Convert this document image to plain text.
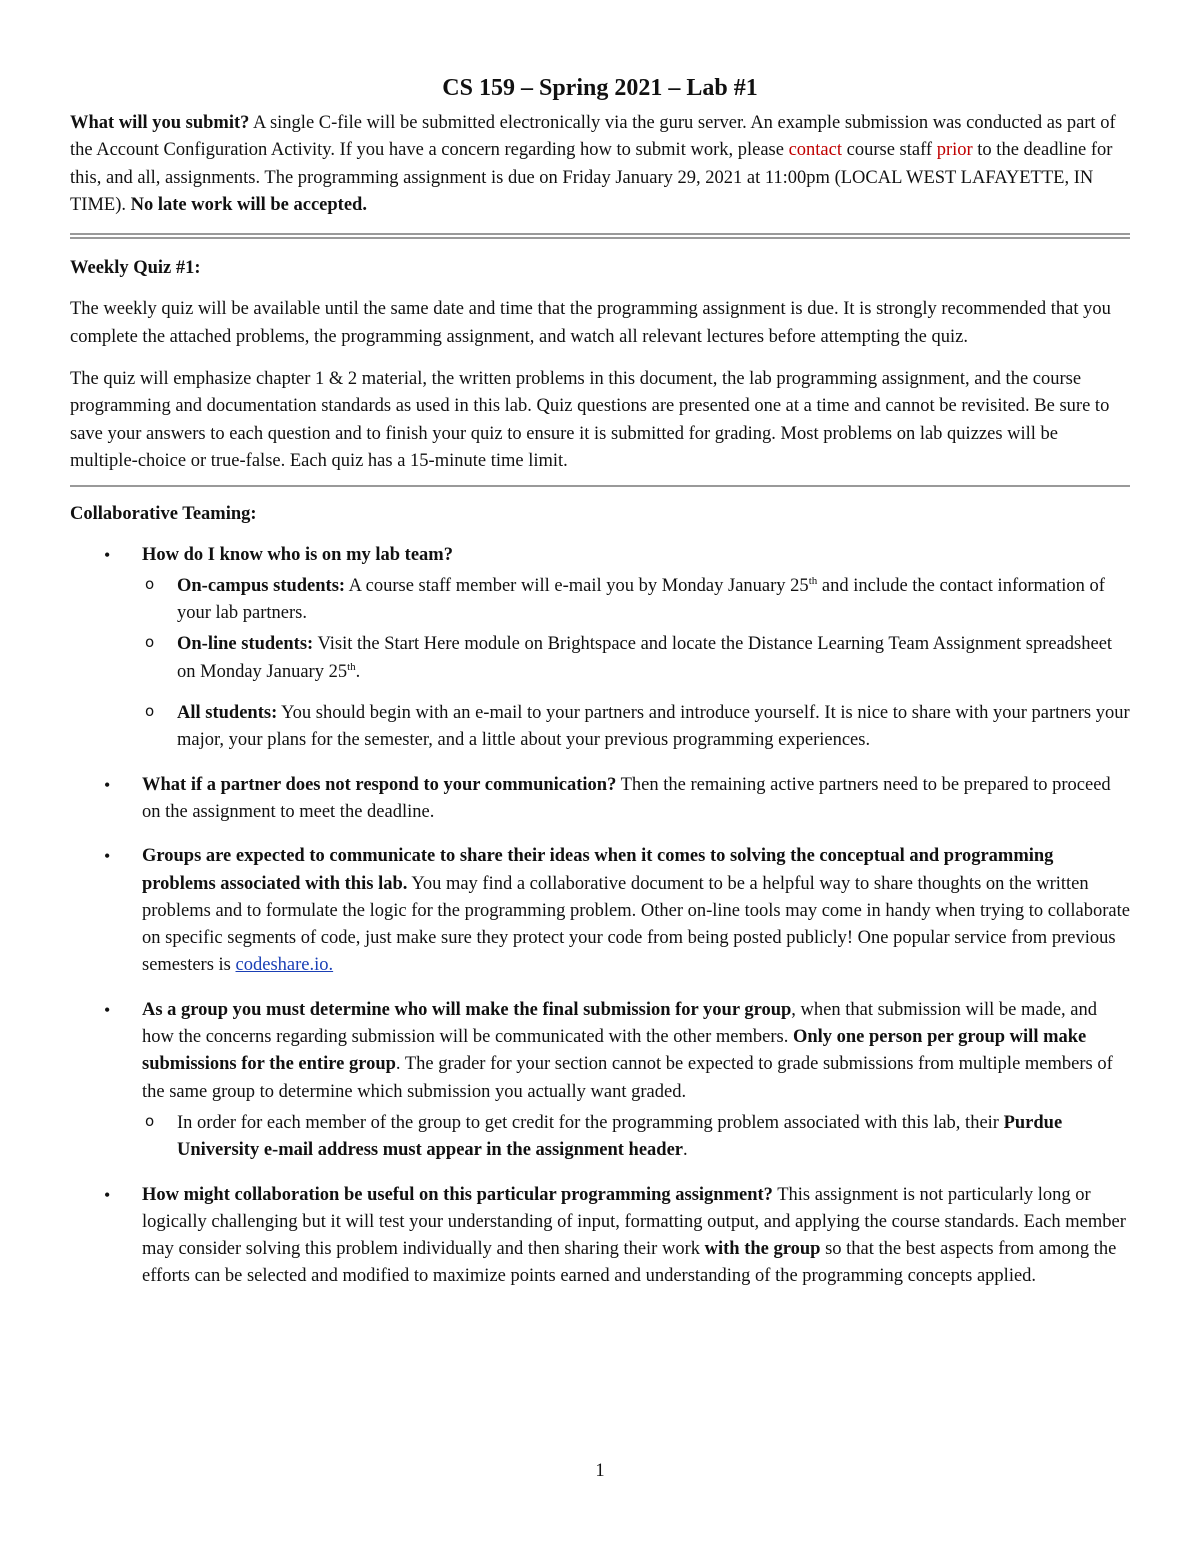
CS 159 – Spring 2021 – Lab #1

What will you submit? A single C-file will be submitted electronically via the guru server. An example submission was conducted as part of the Account Configuration Activity. If you have a concern regarding how to submit work, please contact course staff prior to the deadline for this, and all, assignments. The programming assignment is due on Friday January 29, 2021 at 11:00pm (LOCAL WEST LAFAYETTE, IN TIME). No late work will be accepted.

Weekly Quiz #1:

The weekly quiz will be available until the same date and time that the programming assignment is due. It is strongly recommended that you complete the attached problems, the programming assignment, and watch all relevant lectures before attempting the quiz.

The quiz will emphasize chapter 1 & 2 material, the written problems in this document, the lab programming assignment, and the course programming and documentation standards as used in this lab. Quiz questions are presented one at a time and cannot be revisited. Be sure to save your answers to each question and to finish your quiz to ensure it is submitted for grading. Most problems on lab quizzes will be multiple-choice or true-false. Each quiz has a 15-minute time limit.

Collaborative Teaming:

• How do I know who is on my lab team?
o On-campus students: A course staff member will e-mail you by Monday January 25th and include the contact information of your lab partners.
o On-line students: Visit the Start Here module on Brightspace and locate the Distance Learning Team Assignment spreadsheet on Monday January 25th.
o All students: You should begin with an e-mail to your partners and introduce yourself. It is nice to share with your partners your major, your plans for the semester, and a little about your previous programming experiences.
• What if a partner does not respond to your communication? Then the remaining active partners need to be prepared to proceed on the assignment to meet the deadline.
• Groups are expected to communicate to share their ideas when it comes to solving the conceptual and programming problems associated with this lab. You may find a collaborative document to be a helpful way to share thoughts on the written problems and to formulate the logic for the programming problem. Other on-line tools may come in handy when trying to collaborate on specific segments of code, just make sure they protect your code from being posted publicly! One popular service from previous semesters is codeshare.io.
• As a group you must determine who will make the final submission for your group, when that submission will be made, and how the concerns regarding submission will be communicated with the other members. Only one person per group will make submissions for the entire group. The grader for your section cannot be expected to grade submissions from multiple members of the same group to determine which submission you actually want graded.
o In order for each member of the group to get credit for the programming problem associated with this lab, their Purdue University e-mail address must appear in the assignment header.
• How might collaboration be useful on this particular programming assignment? This assignment is not particularly long or logically challenging but it will test your understanding of input, formatting output, and applying the course standards. Each member may consider solving this problem individually and then sharing their work with the group so that the best aspects from among the efforts can be selected and modified to maximize points earned and understanding of the programming concepts applied.
1
